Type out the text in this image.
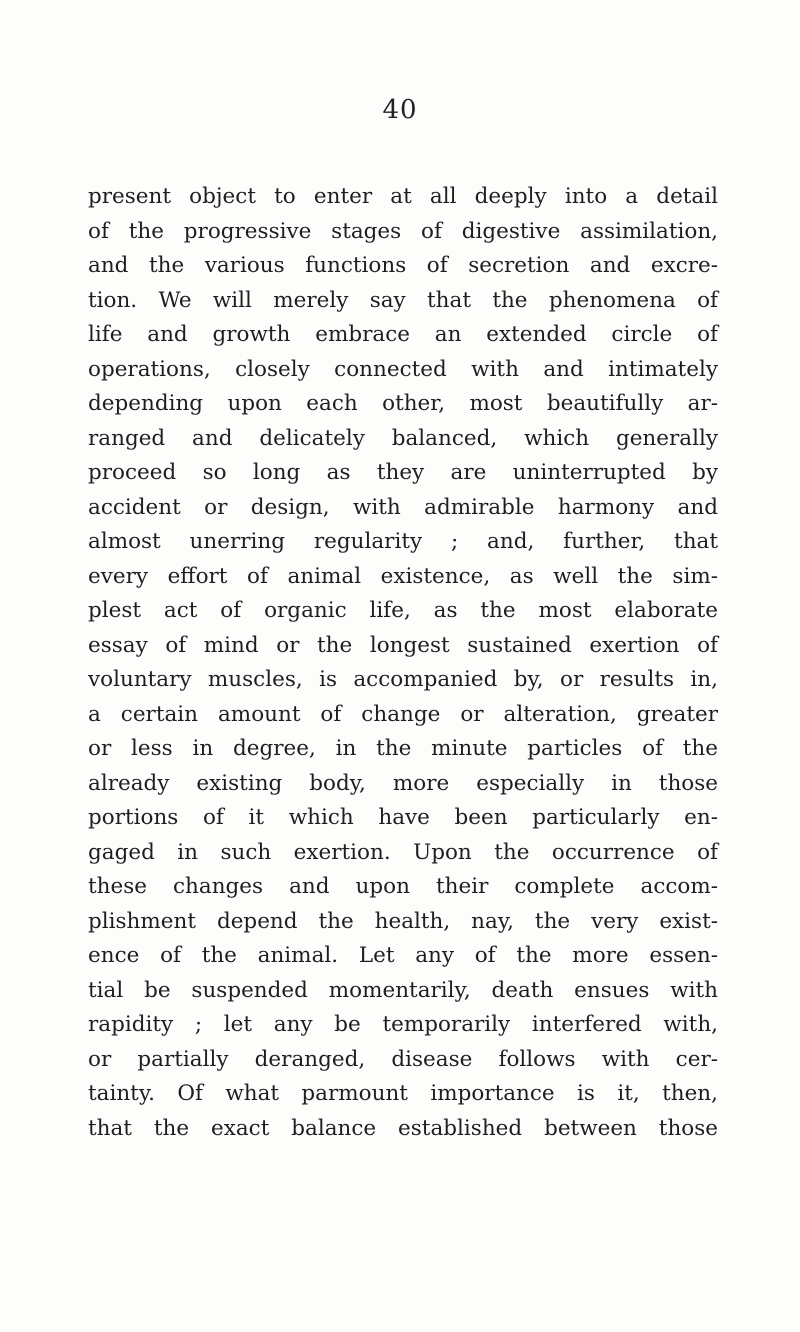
40
present object to enter at all deeply into a detail
of the progressive stages of digestive assimilation,
and the various functions of secretion and excre-
tion. We will merely say that the phenomena of
life and growth embrace an extended circle of
operations, closely connected with and intimately
depending upon each other, most beautifully ar-
ranged and delicately balanced, which generally
proceed so long as they are uninterrupted by
accident or design, with admirable harmony and
almost unerring regularity ; and, further, that
every effort of animal existence, as well the sim-
plest act of organic life, as the most elaborate
essay of mind or the longest sustained exertion of
voluntary muscles, is accompanied by, or results in,
a certain amount of change or alteration, greater
or less in degree, in the minute particles of the
already existing body, more especially in those
portions of it which have been particularly en-
gaged in such exertion. Upon the occurrence of
these changes and upon their complete accom-
plishment depend the health, nay, the very exist-
ence of the animal. Let any of the more essen-
tial be suspended momentarily, death ensues with
rapidity ; let any be temporarily interfered with,
or partially deranged, disease follows with cer-
tainty. Of what parmount importance is it, then,
that the exact balance established between those
